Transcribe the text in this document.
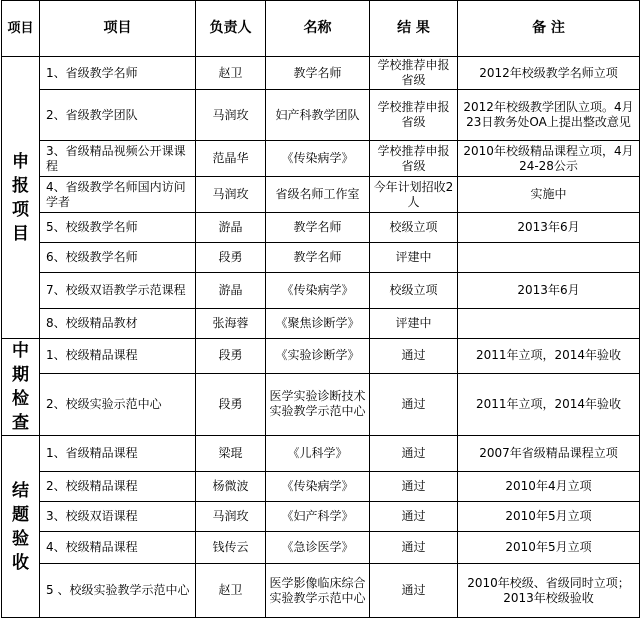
项目	项目	负责人	名称	结 果	备 注
申报项目	1、省级教学名师	赵卫	教学名师	学校推荐申报省级	2012年校级教学名师立项
	2、省级教学团队	马润玫	妇产科教学团队	学校推荐申报省级	2012年校级教学团队立项。4月23日教务处OA上提出整改意见
	3、省级精品视频公开课课程	范晶华	《传染病学》	学校推荐申报省级	2010年校级精品课程立项，4月24-28公示
	4、省级教学名师国内访问学者	马润玫	省级名师工作室	今年计划招收2人	实施中
	5、校级教学名师	游晶	教学名师	校级立项	2013年6月
	6、校级教学名师	段勇	教学名师	评建中	
	7、校级双语教学示范课程	游晶	《传染病学》	校级立项	2013年6月
	8、校级精品教材	张海蓉	《聚焦诊断学》	评建中	
中期检查	1、校级精品课程	段勇	《实验诊断学》	通过	2011年立项，2014年验收
	2、校级实验示范中心	段勇	医学实验诊断技术实验教学示范中心	通过	2011年立项，2014年验收
结题验收	1、省级精品课程	梁琨	《儿科学》	通过	2007年省级精品课程立项
	2、校级精品课程	杨微波	《传染病学》	通过	2010年4月立项
	3、校级双语课程	马润玫	《妇产科学》	通过	2010年5月立项
	4、校级精品课程	钱传云	《急诊医学》	通过	2010年5月立项
	5 、校级实验教学示范中心	赵卫	医学影像临床综合实验教学示范中心	通过	2010年校级、省级同时立项；2013年校级验收
